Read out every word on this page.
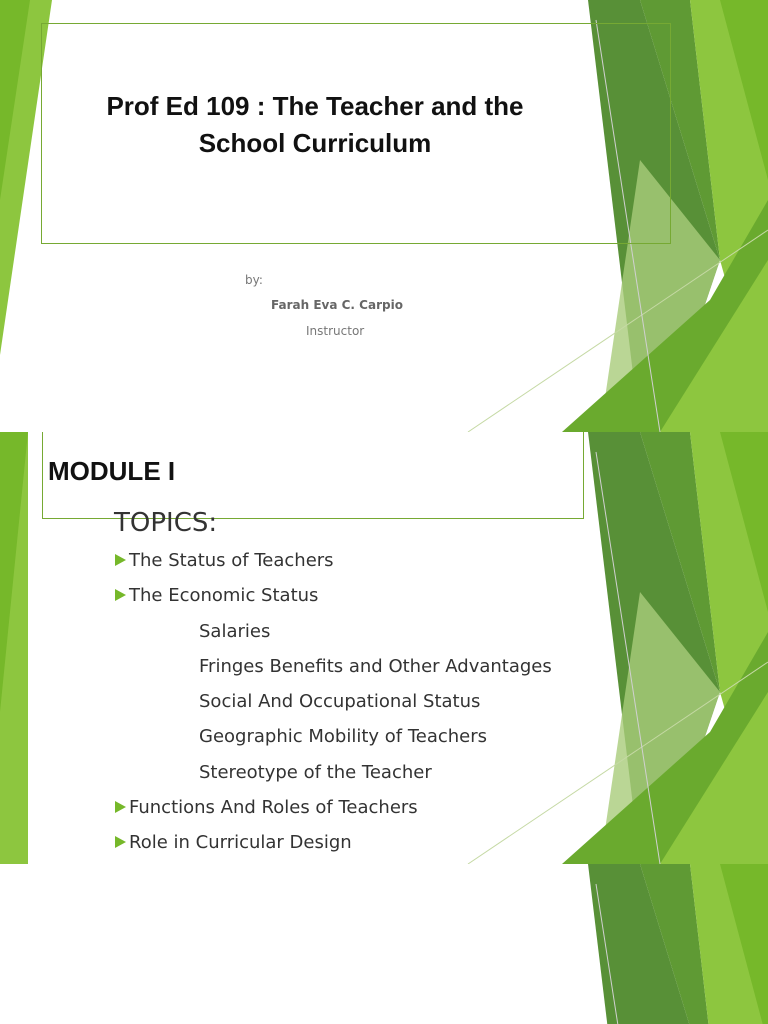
Prof Ed 109 : The Teacher and the
School Curriculum
by:
Farah Eva C. Carpio
Instructor
MODULE I
TOPICS:
The Status of Teachers
The Economic Status
Salaries
Fringes Benefits and Other Advantages
Social And Occupational Status
Geographic Mobility of Teachers
Stereotype of the Teacher
Functions And Roles of Teachers
Role in Curricular Design
